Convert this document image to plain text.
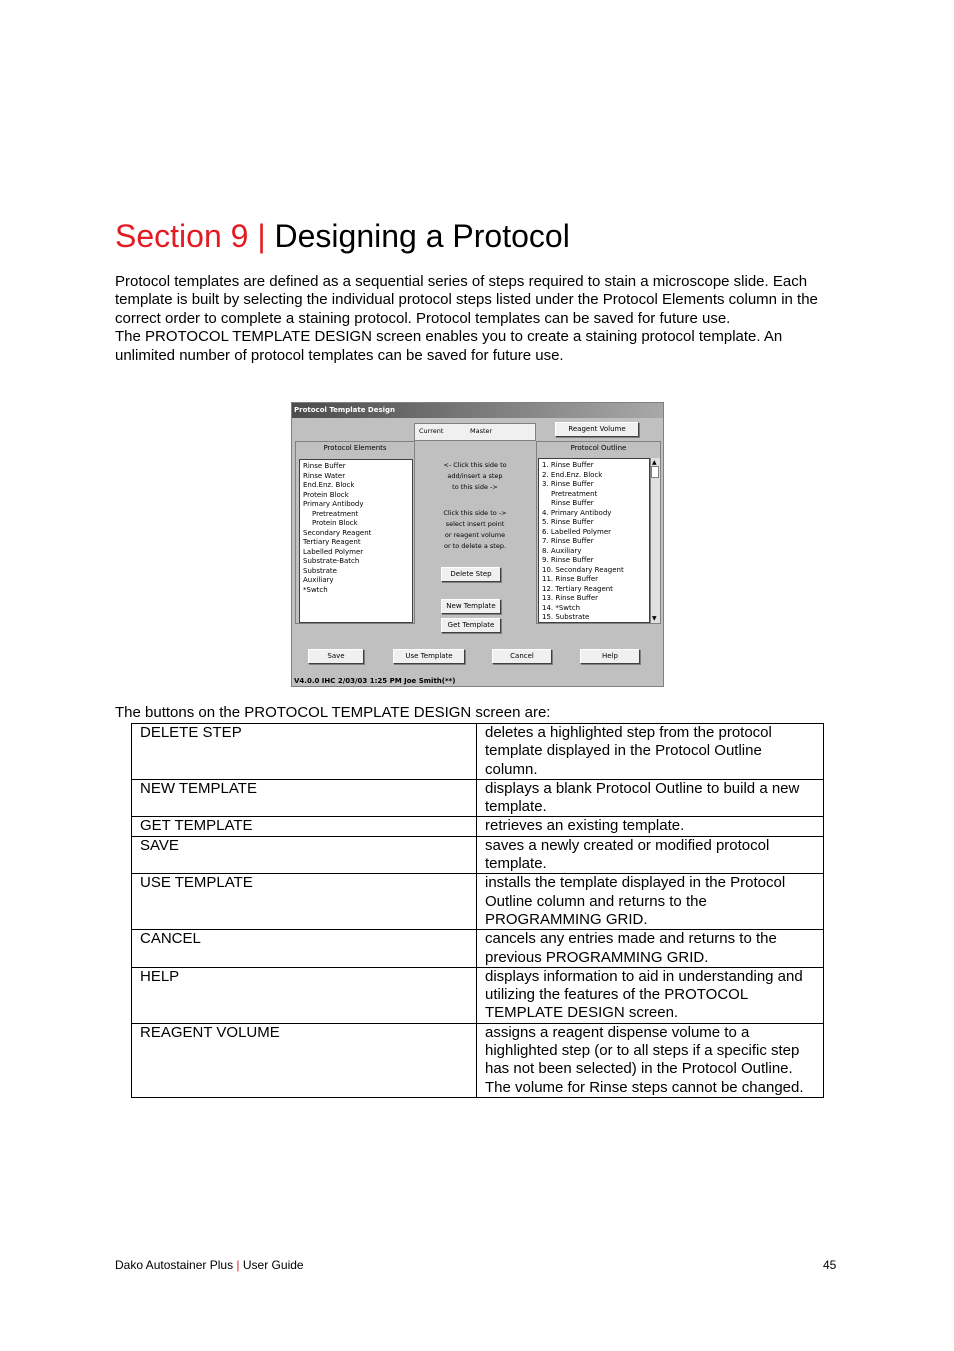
Section 9 | Designing a Protocol

Protocol templates are defined as a sequential series of steps required to stain a microscope slide. Each template is built by selecting the individual protocol steps listed under the Protocol Elements column in the correct order to complete a staining protocol. Protocol templates can be saved for future use.

The PROTOCOL TEMPLATE DESIGN screen enables you to create a staining protocol template. An unlimited number of protocol templates can be saved for future use.

Protocol Template Design
Protocol Elements
Rinse Buffer
Rinse Water
End.Enz. Block
Protein Block
Primary Antibody
Pretreatment
Protein Block
Secondary Reagent
Tertiary Reagent
Labelled Polymer
Substrate-Batch
Substrate
Auxiliary
*Swtch
Current	Master
<- Click this side to
add/insert a step
to this side ->
Click this side to ->
select insert point
or reagent volume
or to delete a step.
Delete Step
New Template
Get Template
Reagent Volume
Protocol Outline
1. Rinse Buffer
2. End.Enz. Block
3. Rinse Buffer
Pretreatment
Rinse Buffer
4. Primary Antibody
5. Rinse Buffer
6. Labelled Polymer
7. Rinse Buffer
8. Auxiliary
9. Rinse Buffer
10. Secondary Reagent
11. Rinse Buffer
12. Tertiary Reagent
13. Rinse Buffer
14. *Swtch
15. Substrate
▲
▼
Save	Use Template	Cancel	Help
V4.0.0 IHC 2/03/03 1:25 PM Joe Smith(**)
The buttons on the PROTOCOL TEMPLATE DESIGN screen are:
DELETE STEP	deletes a highlighted step from the protocol template displayed in the Protocol Outline column.
NEW TEMPLATE	displays a blank Protocol Outline to build a new template.
GET TEMPLATE	retrieves an existing template.
SAVE	saves a newly created or modified protocol template.
USE TEMPLATE	installs the template displayed in the Protocol Outline column and returns to the PROGRAMMING GRID.
CANCEL	cancels any entries made and returns to the previous PROGRAMMING GRID.
HELP	displays information to aid in understanding and utilizing the features of the PROTOCOL TEMPLATE DESIGN screen.
REAGENT VOLUME	assigns a reagent dispense volume to a highlighted step (or to all steps if a specific step has not been selected) in the Protocol Outline. The volume for Rinse steps cannot be changed.
Dako Autostainer Plus | User Guide	45
